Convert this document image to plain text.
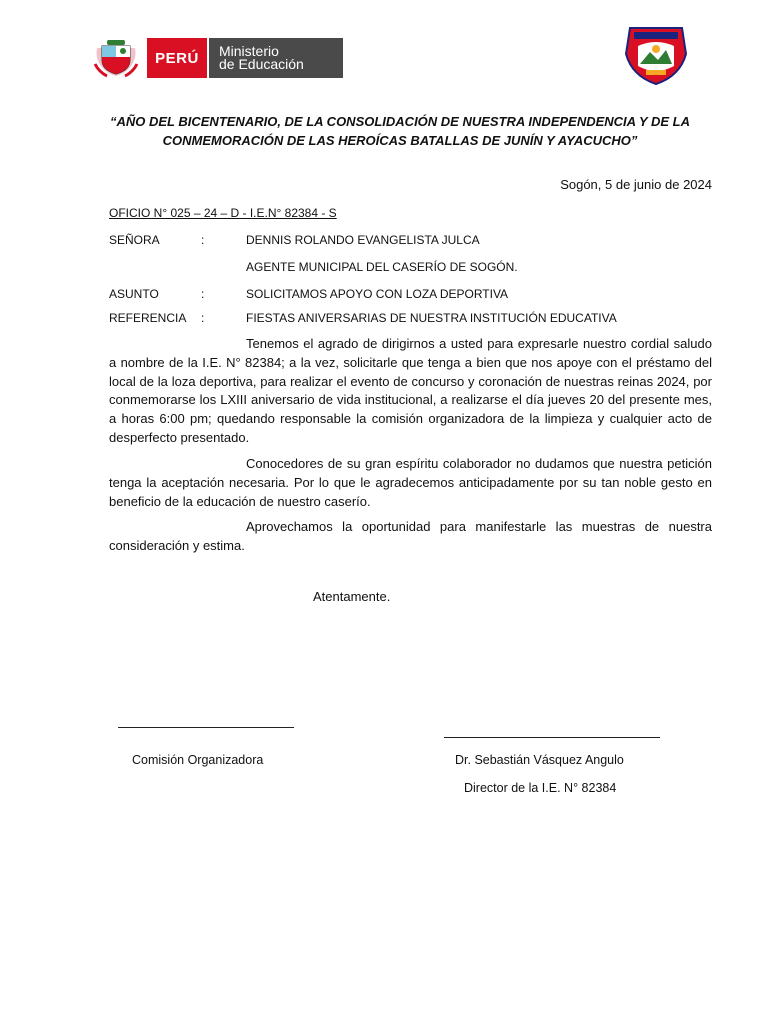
PERÚ	Ministerio
de Educación
“AÑO DEL BICENTENARIO, DE LA CONSOLIDACIÓN DE NUESTRA INDEPENDENCIA Y DE LA
CONMEMORACIÓN DE LAS HEROÍCAS BATALLAS DE JUNÍN Y AYACUCHO”
Sogón, 5 de junio de 2024
OFICIO N° 025 – 24 – D - I.E.N° 82384 - S
SEÑORA	:	DENNIS ROLANDO EVANGELISTA JULCA
AGENTE MUNICIPAL DEL CASERÍO DE SOGÓN.
ASUNTO	:	SOLICITAMOS APOYO CON LOZA DEPORTIVA
REFERENCIA :	FIESTAS ANIVERSARIAS DE NUESTRA INSTITUCIÓN EDUCATIVA

Tenemos el agrado de dirigirnos a usted para expresarle nuestro cordial saludo a nombre de la I.E. N° 82384; a la vez, solicitarle que tenga a bien que nos apoye con el préstamo del local de la loza deportiva, para realizar el evento de concurso y coronación de nuestras reinas 2024, por conmemorarse los LXIII aniversario de vida institucional, a realizarse el día jueves 20 del presente mes, a horas 6:00 pm; quedando responsable la comisión organizadora de la limpieza y cualquier acto de desperfecto presentado.

Conocedores de su gran espíritu colaborador no dudamos que nuestra petición tenga la aceptación necesaria. Por lo que le agradecemos anticipadamente por su tan noble gesto en beneficio de la educación de nuestro caserío.

Aprovechamos la oportunidad para manifestarle las muestras de nuestra consideración y estima.

Atentamente.
Comisión Organizadora	Dr. Sebastián Vásquez Angulo
Director de la I.E. N° 82384
